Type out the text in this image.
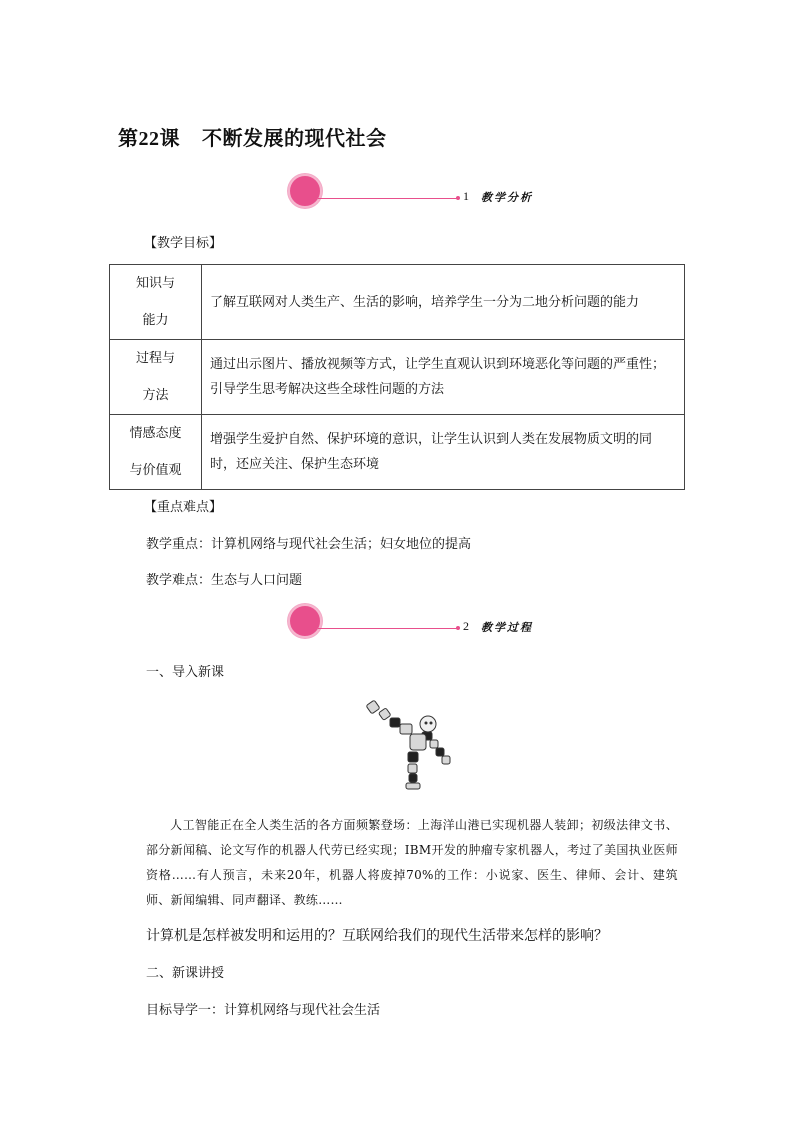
第22课 不断发展的现代社会
1 教学分析
【教学目标】
知识与
能力	了解互联网对人类生产、生活的影响，培养学生一分为二地分析问题的能力
过程与
方法	通过出示图片、播放视频等方式，让学生直观认识到环境恶化等问题的严重性；引导学生思考解决这些全球性问题的方法
情感态度
与价值观	增强学生爱护自然、保护环境的意识，让学生认识到人类在发展物质文明的同时，还应关注、保护生态环境
【重点难点】
教学重点：计算机网络与现代社会生活；妇女地位的提高
教学难点：生态与人口问题
2 教学过程
一、导入新课
人工智能正在全人类生活的各方面频繁登场：上海洋山港已实现机器人装卸；初级法律文书、部分新闻稿、论文写作的机器人代劳已经实现；IBM开发的肿瘤专家机器人，考过了美国执业医师资格……有人预言，未来20年，机器人将废掉70%的工作：小说家、医生、律师、会计、建筑师、新闻编辑、同声翻译、教练……
计算机是怎样被发明和运用的？互联网给我们的现代生活带来怎样的影响？
二、新课讲授
目标导学一：计算机网络与现代社会生活
